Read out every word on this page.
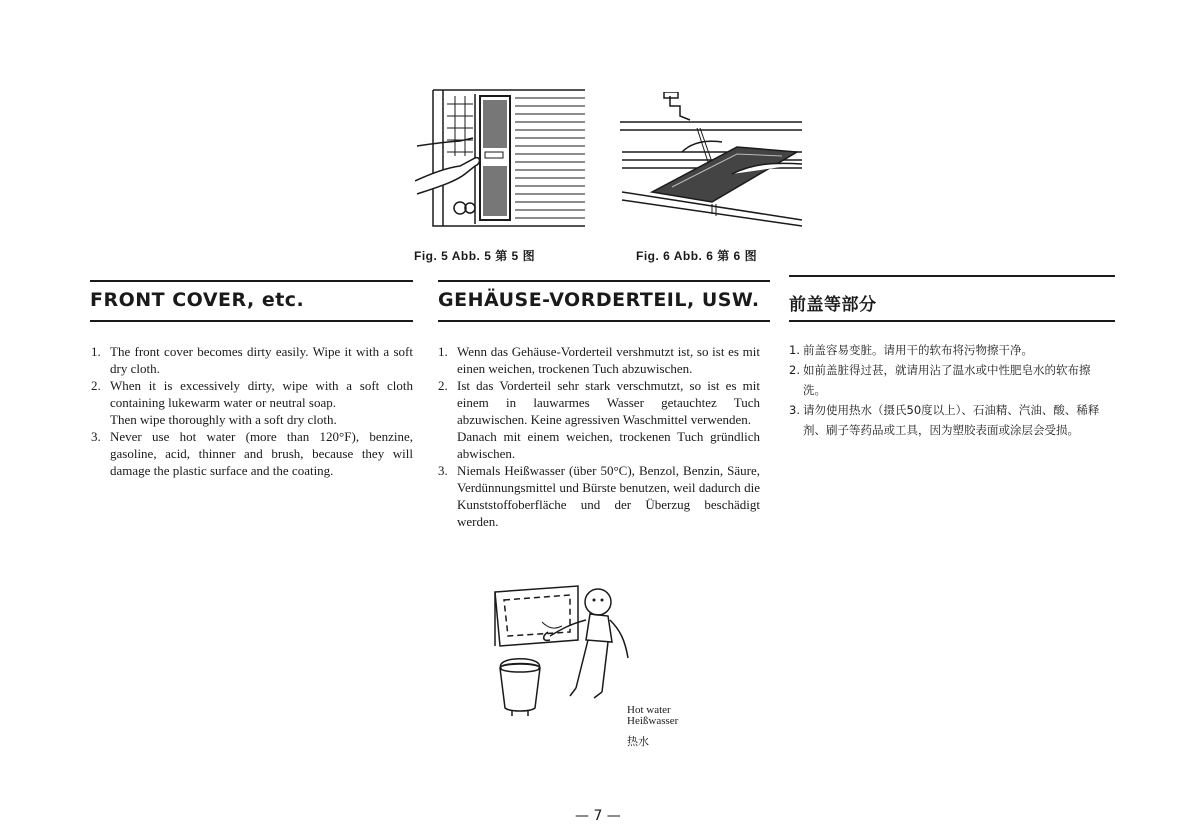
Fig. 5 Abb. 5 第 5 图	Fig. 6 Abb. 6 第 6 图
FRONT COVER, etc.
1. The front cover becomes dirty easily. Wipe it with a soft dry cloth.
2. When it is excessively dirty, wipe with a soft cloth containing lukewarm water or neutral soap.
Then wipe thoroughly with a soft dry cloth.
3. Never use hot water (more than 120°F), benzine, gasoline, acid, thinner and brush, because they will damage the plastic surface and the coating.
GEHÄUSE-VORDERTEIL, USW.
1. Wenn das Gehäuse-Vorderteil vershmutzt ist, so ist es mit einen weichen, trockenen Tuch abzuwischen.
2. Ist das Vorderteil sehr stark verschmutzt, so ist es mit einem in lauwarmes Wasser getauchtez Tuch abzuwischen. Keine agressiven Waschmittel verwenden.
Danach mit einem weichen, trockenen Tuch gründlich abwischen.
3. Niemals Heißwasser (über 50°C), Benzol, Benzin, Säure, Verdünnungsmittel und Bürste benutzen, weil dadurch die Kunststoffoberfläche und der Überzug beschädigt werden.
前盖等部分
1. 前盖容易变脏。请用干的软布将污物擦干净。
2. 如前盖脏得过甚，就请用沾了温水或中性肥皂水的软布擦洗。
3. 请勿使用热水（摄氏50度以上）、石油精、汽油、酸、稀释剂、刷子等药品或工具，因为塑胶表面或涂层会受损。
Hot water
Heißwasser
热水
— 7 —
